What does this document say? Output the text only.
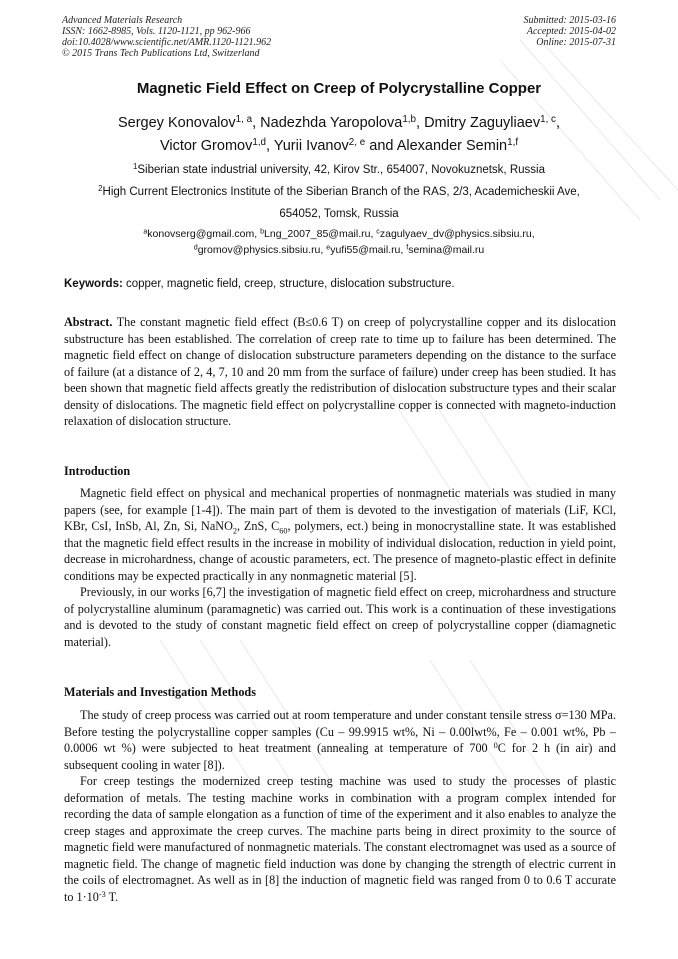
Advanced Materials Research
ISSN: 1662-8985, Vols. 1120-1121, pp 962-966
doi:10.4028/www.scientific.net/AMR.1120-1121.962
© 2015 Trans Tech Publications Ltd, Switzerland
Submitted: 2015-03-16
Accepted: 2015-04-02
Online: 2015-07-31
Magnetic Field Effect on Creep of Polycrystalline Copper
Sergey Konovalov$^{1, a}$, Nadezhda Yaropolova$^{1,b}$, Dmitry Zaguyliaev$^{1, c}$,
Victor Gromov$^{1,d}$, Yurii Ivanov$^{2, e}$ and Alexander Semin$^{1,f}$
$^1$Siberian state industrial university, 42, Kirov Str., 654007, Novokuznetsk, Russia
$^2$High Current Electronics Institute of the Siberian Branch of the RAS, 2/3, Academicheskii Ave,
654052, Tomsk, Russia
$^a$konovserg@gmail.com, $^b$Lng_2007_85@mail.ru, $^c$zagulyaev_dv@physics.sibsiu.ru,
$^d$gromov@physics.sibsiu.ru, $^e$yufi55@mail.ru, $^f$semina@mail.ru
Keywords: copper, magnetic field, creep, structure, dislocation substructure.

Abstract. The constant magnetic field effect (B≤0.6 T) on creep of polycrystalline copper and its dislocation substructure has been established. The correlation of creep rate to time up to failure has been determined. The magnetic field effect on change of dislocation substructure parameters depending on the distance to the surface of failure (at a distance of 2, 4, 7, 10 and 20 mm from the surface of failure) under creep has been studied. It has been shown that magnetic field affects greatly the redistribution of dislocation substructure types and their scalar density of dislocations. The magnetic field effect on polycrystalline copper is connected with magneto-induction relaxation of dislocation structure.

Introduction

Magnetic field effect on physical and mechanical properties of nonmagnetic materials was studied in many papers (see, for example [1-4]). The main part of them is devoted to the investigation of materials (LiF, KCl, KBr, CsI, InSb, Al, Zn, Si, NaNO$_2$, ZnS, $C_{60}$, polymers, ect.) being in monocrystalline state. It was established that the magnetic field effect results in the increase in mobility of individual dislocation, reduction in yield point, decrease in microhardness, change of acoustic parameters, ect. The presence of magneto-plastic effect in definite conditions may be expected practically in any nonmagnetic material [5].

Previously, in our works [6,7] the investigation of magnetic field effect on creep, microhardness and structure of polycrystalline aluminum (paramagnetic) was carried out. This work is a continuation of these investigations and is devoted to the study of constant magnetic field effect on creep of polycrystalline copper (diamagnetic material).

Materials and Investigation Methods

The study of creep process was carried out at room temperature and under constant tensile stress σ=130 MPa. Before testing the polycrystalline copper samples (Cu – 99.9915 wt%, Ni – 0.00lwt%, Fe – 0.001 wt%, Pb – 0.0006 wt %) were subjected to heat treatment (annealing at temperature of 700 $^0$C for 2 h (in air) and subsequent cooling in water [8]).

For creep testings the modernized creep testing machine was used to study the processes of plastic deformation of metals. The testing machine works in combination with a program complex intended for recording the data of sample elongation as a function of time of the experiment and it also enables to analyze the creep stages and approximate the creep curves. The machine parts being in direct proximity to the source of magnetic field were manufactured of nonmagnetic materials. The constant electromagnet was used as a source of magnetic field. The change of magnetic field induction was done by changing the strength of electric current in the coils of electromagnet. As well as in [8] the induction of magnetic field was ranged from 0 to 0.6 T accurate to $1\cdot 10^{-3}$ T.
